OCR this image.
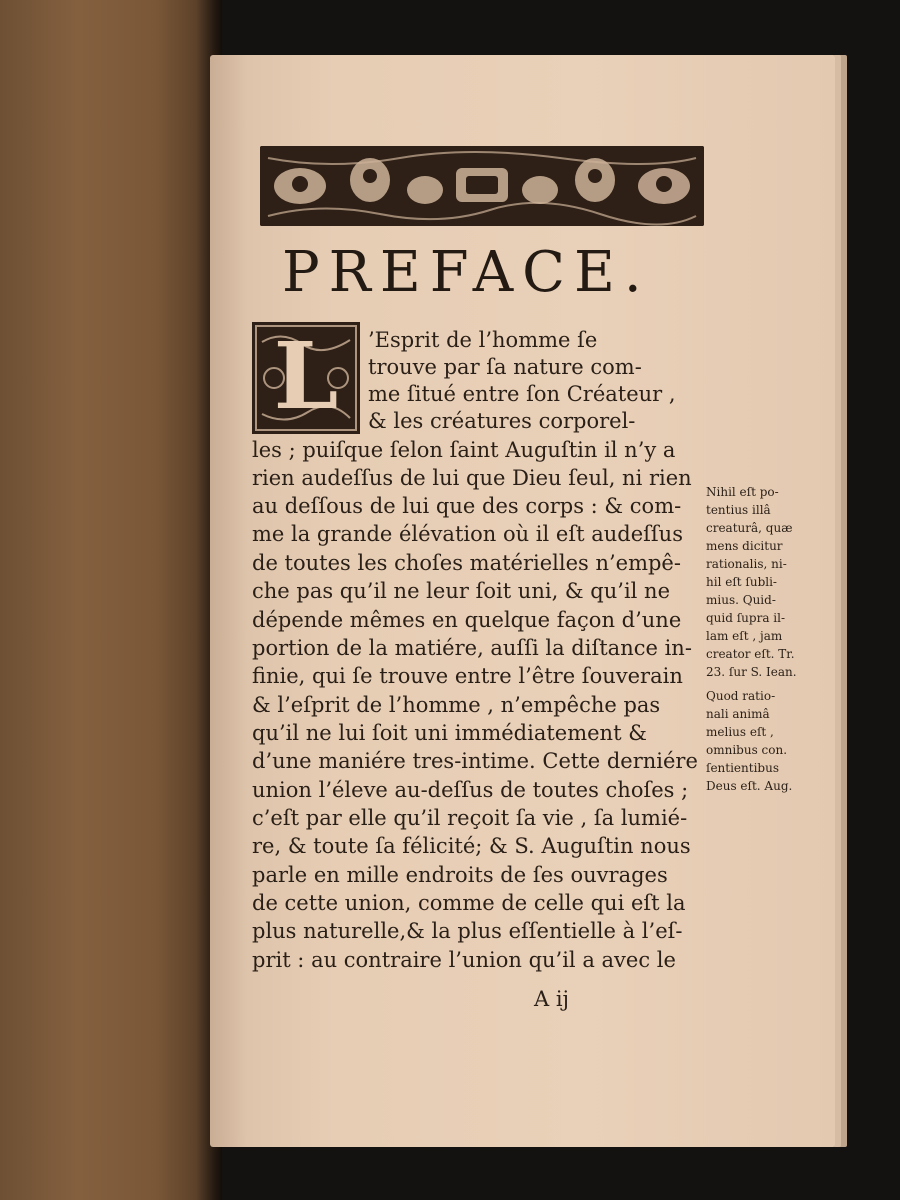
PREFACE.
L	’Esprit de l’homme ſe
trouve par ſa nature com-
me ſitué entre ſon Créateur ,
& les créatures corporel-
les ; puiſque ſelon ſaint Auguſtin il n’y a
rien audeſſus de lui que Dieu ſeul, ni rien
au deſſous de lui que des corps : & com-
me la grande élévation où il eſt audeſſus
de toutes les choſes matérielles n’empê-
che pas qu’il ne leur ſoit uni, & qu’il ne
dépende mêmes en quelque façon d’une
portion de la matiére, auſſi la diſtance in-
finie, qui ſe trouve entre l’être ſouverain
& l’eſprit de l’homme , n’empêche pas
qu’il ne lui ſoit uni immédiatement &
d’une maniére tres-intime. Cette derniére
union l’éleve au-deſſus de toutes choſes ;
c’eſt par elle qu’il reçoit ſa vie , ſa lumié-
re, & toute ſa félicité; & S. Auguſtin nous
parle en mille endroits de ſes ouvrages
de cette union, comme de celle qui eſt la
plus naturelle,& la plus eſſentielle à l’eſ-
prit : au contraire l’union qu’il a avec le
Nihil eſt po-
tentius illâ
creaturâ, quæ
mens dicitur
rationalis, ni-
hil eſt ſubli-
mius. Quid-
quid ſupra il-
lam eſt , jam
creator eſt. Tr.
23. ſur S. Iean.
Quod ratio-
nali animâ
melius eſt ,
omnibus con.
ſentientibus
Deus eſt. Aug.
A ij
